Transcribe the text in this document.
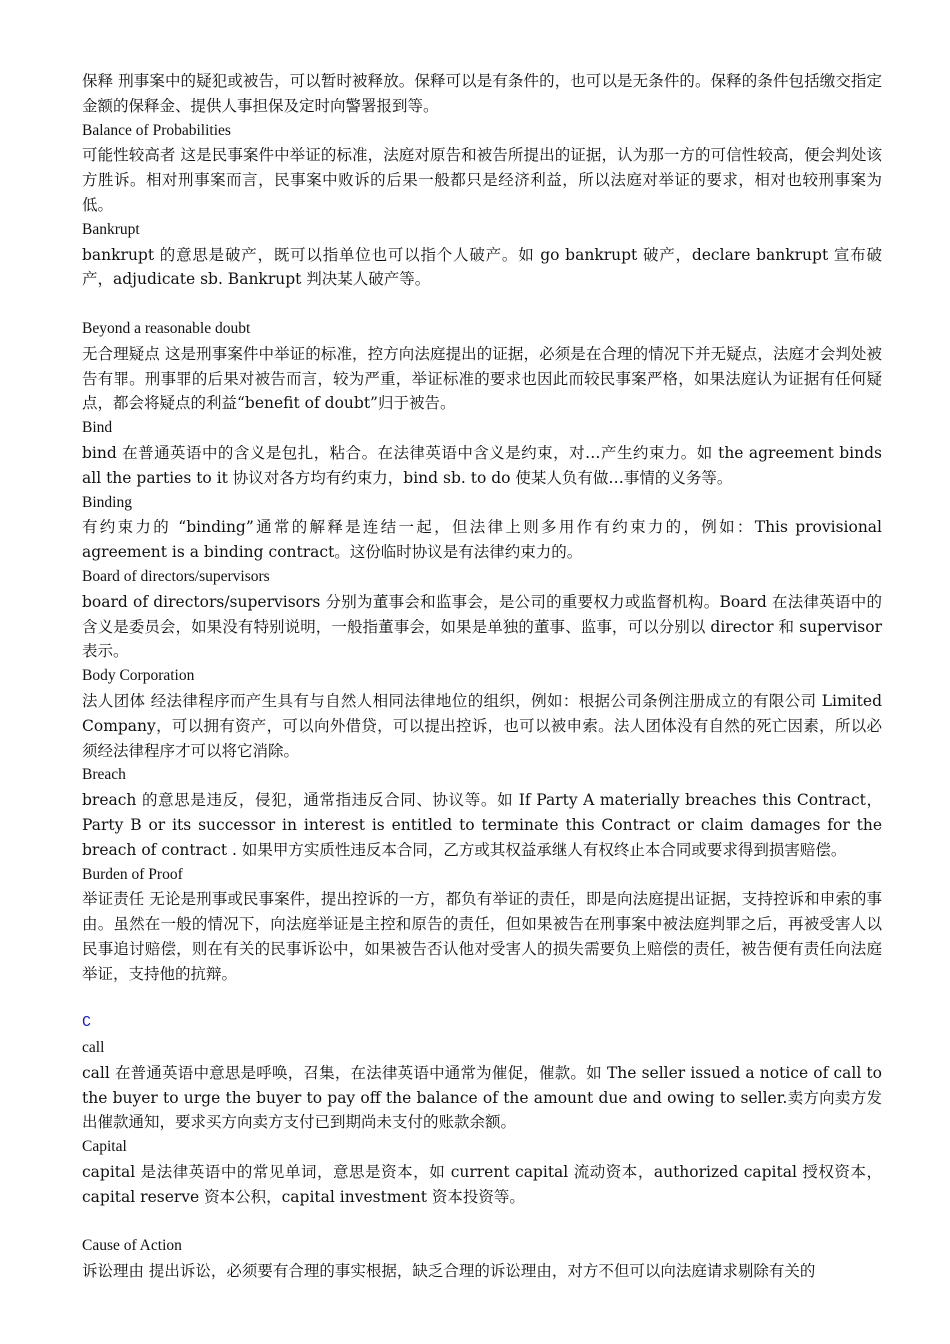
保释 刑事案中的疑犯或被告，可以暂时被释放。保释可以是有条件的，也可以是无条件的。保释的条件包括缴交指定金额的保释金、提供人事担保及定时向警署报到等。

Balance of Probabilities

可能性较高者 这是民事案件中举证的标准，法庭对原告和被告所提出的证据，认为那一方的可信性较高，便会判处该方胜诉。相对刑事案而言，民事案中败诉的后果一般都只是经济利益，所以法庭对举证的要求，相对也较刑事案为低。

Bankrupt

bankrupt 的意思是破产，既可以指单位也可以指个人破产。如 go bankrupt 破产，declare bankrupt 宣布破产，adjudicate sb. Bankrupt 判决某人破产等。

Beyond a reasonable doubt

无合理疑点 这是刑事案件中举证的标准，控方向法庭提出的证据，必须是在合理的情况下并无疑点，法庭才会判处被告有罪。刑事罪的后果对被告而言，较为严重，举证标准的要求也因此而较民事案严格，如果法庭认为证据有任何疑点，都会将疑点的利益“benefit of doubt”归于被告。

Bind

bind 在普通英语中的含义是包扎，粘合。在法律英语中含义是约束，对…产生约束力。如 the agreement binds all the parties to it 协议对各方均有约束力，bind sb. to do 使某人负有做…事情的义务等。

Binding

有约束力的 “binding”通常的解释是连结一起，但法律上则多用作有约束力的，例如：This provisional agreement is a binding contract。这份临时协议是有法律约束力的。

Board of directors/supervisors

board of directors/supervisors 分别为董事会和监事会，是公司的重要权力或监督机构。Board 在法律英语中的含义是委员会，如果没有特别说明，一般指董事会，如果是单独的董事、监事，可以分别以 director 和 supervisor 表示。

Body Corporation

法人团体 经法律程序而产生具有与自然人相同法律地位的组织，例如：根据公司条例注册成立的有限公司 Limited Company，可以拥有资产，可以向外借贷，可以提出控诉，也可以被申索。法人团体没有自然的死亡因素，所以必须经法律程序才可以将它消除。

Breach

breach 的意思是违反，侵犯，通常指违反合同、协议等。如 If Party A materially breaches this Contract，Party B or its successor in interest is entitled to terminate this Contract or claim damages for the breach of contract . 如果甲方实质性违反本合同，乙方或其权益承继人有权终止本合同或要求得到损害赔偿。

Burden of Proof

举证责任 无论是刑事或民事案件，提出控诉的一方，都负有举证的责任，即是向法庭提出证据，支持控诉和申索的事由。虽然在一般的情况下，向法庭举证是主控和原告的责任，但如果被告在刑事案中被法庭判罪之后，再被受害人以民事追讨赔偿，则在有关的民事诉讼中，如果被告否认他对受害人的损失需要负上赔偿的责任，被告便有责任向法庭举证，支持他的抗辩。

C

call

call 在普通英语中意思是呼唤，召集，在法律英语中通常为催促，催款。如 The seller issued a notice of call to the buyer to urge the buyer to pay off the balance of the amount due and owing to seller.卖方向卖方发出催款通知，要求买方向卖方支付已到期尚未支付的账款余额。

Capital

capital 是法律英语中的常见单词，意思是资本，如 current capital 流动资本，authorized capital 授权资本，capital reserve 资本公积，capital investment 资本投资等。

Cause of Action

诉讼理由 提出诉讼，必须要有合理的事实根据，缺乏合理的诉讼理由，对方不但可以向法庭请求剔除有关的
